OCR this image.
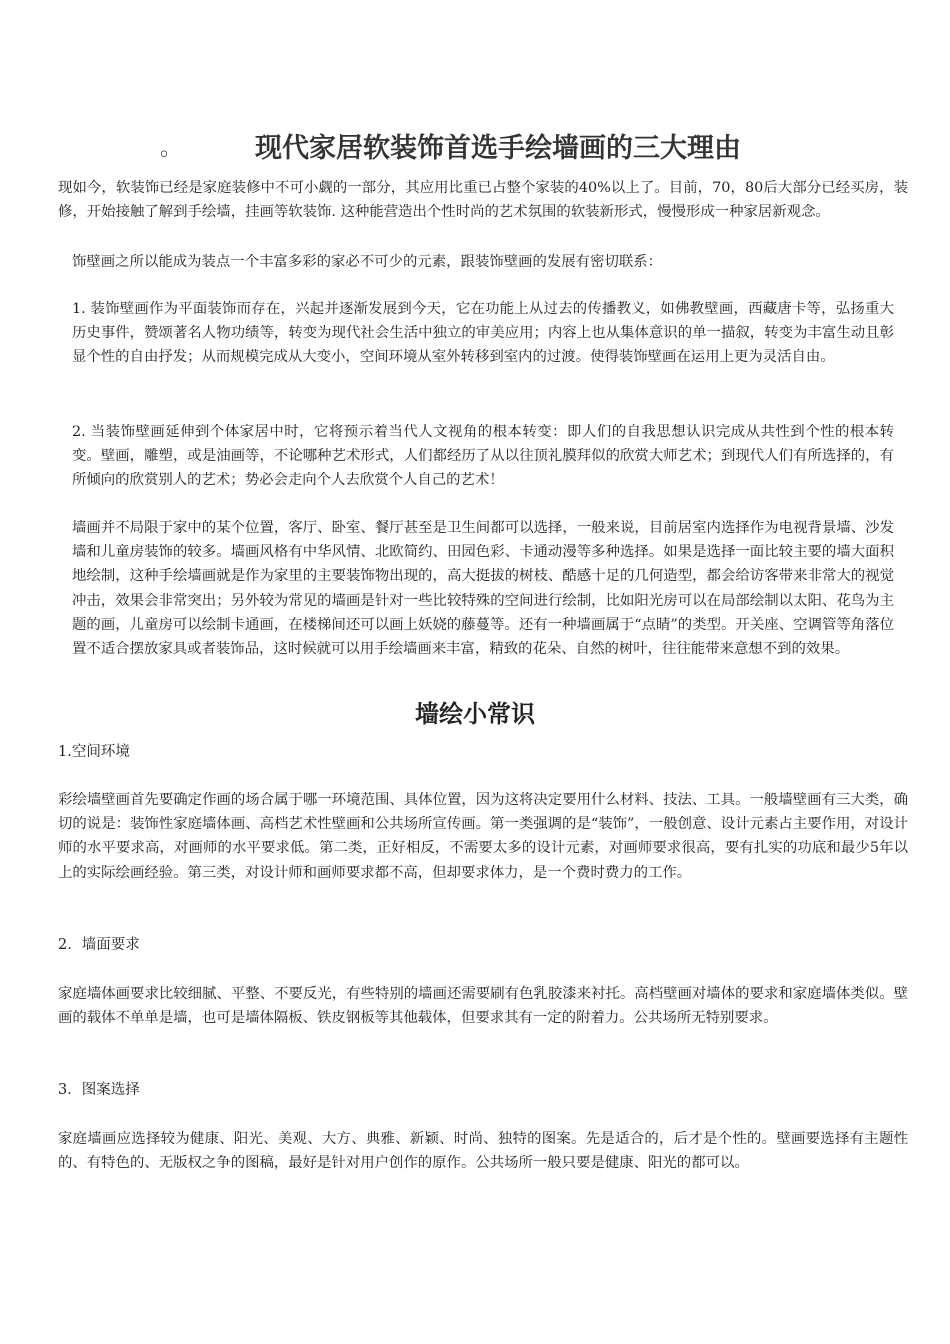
。	现代家居软装饰首选手绘墙画的三大理由

现如今，软装饰已经是家庭装修中不可小觑的一部分，其应用比重已占整个家装的40%以上了。目前，70，80后大部分已经买房，装修，开始接触了解到手绘墙，挂画等软装饰. 这种能营造出个性时尚的艺术氛围的软装新形式，慢慢形成一种家居新观念。

饰壁画之所以能成为装点一个丰富多彩的家必不可少的元素，跟装饰壁画的发展有密切联系：

1. 装饰壁画作为平面装饰而存在，兴起并逐渐发展到今天，它在功能上从过去的传播教义，如佛教壁画，西藏唐卡等，弘扬重大历史事件，赞颂著名人物功绩等，转变为现代社会生活中独立的审美应用；内容上也从集体意识的单一描叙，转变为丰富生动且彰显个性的自由抒发；从而规模完成从大变小，空间环境从室外转移到室内的过渡。使得装饰壁画在运用上更为灵活自由。

2. 当装饰壁画延伸到个体家居中时，它将预示着当代人文视角的根本转变：即人们的自我思想认识完成从共性到个性的根本转变。壁画，雕塑，或是油画等，不论哪种艺术形式，人们都经历了从以往顶礼膜拜似的欣赏大师艺术；到现代人们有所选择的，有所倾向的欣赏别人的艺术；势必会走向个人去欣赏个人自己的艺术！

墙画并不局限于家中的某个位置，客厅、卧室、餐厅甚至是卫生间都可以选择，一般来说，目前居室内选择作为电视背景墙、沙发墙和儿童房装饰的较多。墙画风格有中华风情、北欧简约、田园色彩、卡通动漫等多种选择。如果是选择一面比较主要的墙大面积地绘制，这种手绘墙画就是作为家里的主要装饰物出现的，高大挺拔的树枝、酷感十足的几何造型，都会给访客带来非常大的视觉冲击，效果会非常突出；另外较为常见的墙画是针对一些比较特殊的空间进行绘制，比如阳光房可以在局部绘制以太阳、花鸟为主题的画，儿童房可以绘制卡通画，在楼梯间还可以画上妖娆的藤蔓等。还有一种墙画属于“点睛”的类型。开关座、空调管等角落位置不适合摆放家具或者装饰品，这时候就可以用手绘墙画来丰富，精致的花朵、自然的树叶，往往能带来意想不到的效果。

墙绘小常识

1.空间环境

彩绘墙壁画首先要确定作画的场合属于哪一环境范围、具体位置，因为这将决定要用什么材料、技法、工具。一般墙壁画有三大类，确切的说是：装饰性家庭墙体画、高档艺术性壁画和公共场所宣传画。第一类强调的是“装饰”，一般创意、设计元素占主要作用，对设计师的水平要求高，对画师的水平要求低。第二类，正好相反，不需要太多的设计元素，对画师要求很高，要有扎实的功底和最少5年以上的实际绘画经验。第三类，对设计师和画师要求都不高，但却要求体力，是一个费时费力的工作。

2．墙面要求

家庭墙体画要求比较细腻、平整、不要反光，有些特别的墙画还需要刷有色乳胶漆来衬托。高档壁画对墙体的要求和家庭墙体类似。壁画的载体不单单是墙，也可是墙体隔板、铁皮钢板等其他载体，但要求其有一定的附着力。公共场所无特别要求。

3．图案选择

家庭墙画应选择较为健康、阳光、美观、大方、典雅、新颖、时尚、独特的图案。先是适合的，后才是个性的。壁画要选择有主题性的、有特色的、无版权之争的图稿，最好是针对用户创作的原作。公共场所一般只要是健康、阳光的都可以。
